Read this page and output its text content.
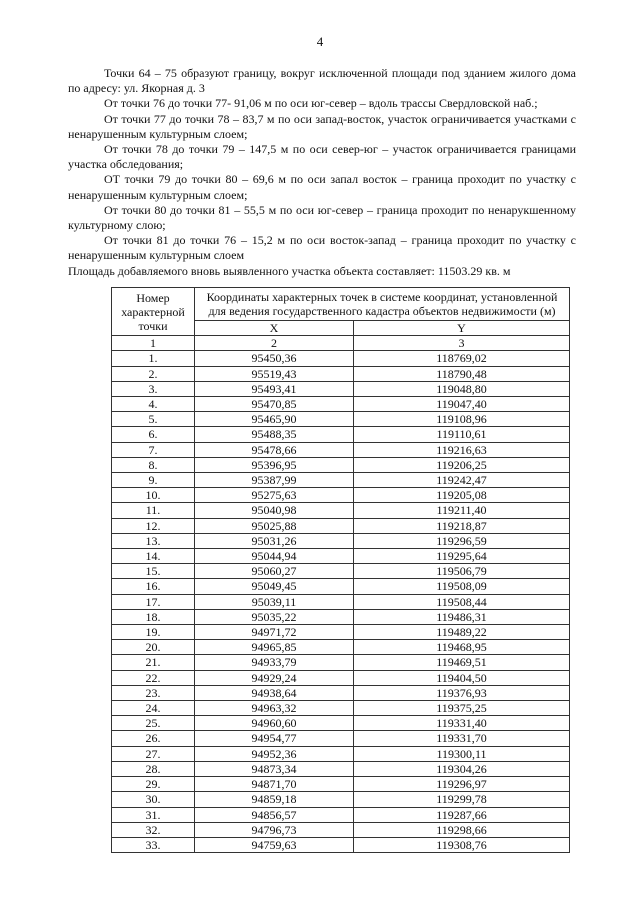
4

Точки 64 – 75 образуют границу, вокруг исключенной площади под зданием жилого дома по адресу: ул. Якорная д. 3

От точки 76 до точки 77- 91,06 м по оси юг-север – вдоль трассы Свердловской наб.;

От точки 77 до точки 78 – 83,7 м по оси запад-восток, участок ограничивается участками с ненарушенным культурным слоем;

От точки 78 до точки 79 – 147,5 м по оси север-юг – участок ограничивается границами участка обследования;

ОТ точки 79 до точки 80 – 69,6 м по оси запал восток – граница проходит по участку с ненарушенным культурным слоем;

От точки 80 до точки 81 – 55,5 м по оси юг-север – граница проходит по ненарукшенному культурному слою;

От точки 81 до точки 76 – 15,2 м по оси восток-запад – граница проходит по участку с ненарушенным культурным слоем

Площадь добавляемого вновь выявленного участка объекта составляет: 11503.29 кв. м

Номер характерной точки	Координаты характерных точек в системе координат, установленной для ведения государственного кадастра объектов недвижимости (м)	
	X	Y
1	2	3
1.	95450,36	118769,02
2.	95519,43	118790,48
3.	95493,41	119048,80
4.	95470,85	119047,40
5.	95465,90	119108,96
6.	95488,35	119110,61
7.	95478,66	119216,63
8.	95396,95	119206,25
9.	95387,99	119242,47
10.	95275,63	119205,08
11.	95040,98	119211,40
12.	95025,88	119218,87
13.	95031,26	119296,59
14.	95044,94	119295,64
15.	95060,27	119506,79
16.	95049,45	119508,09
17.	95039,11	119508,44
18.	95035,22	119486,31
19.	94971,72	119489,22
20.	94965,85	119468,95
21.	94933,79	119469,51
22.	94929,24	119404,50
23.	94938,64	119376,93
24.	94963,32	119375,25
25.	94960,60	119331,40
26.	94954,77	119331,70
27.	94952,36	119300,11
28.	94873,34	119304,26
29.	94871,70	119296,97
30.	94859,18	119299,78
31.	94856,57	119287,66
32.	94796,73	119298,66
33.	94759,63	119308,76
